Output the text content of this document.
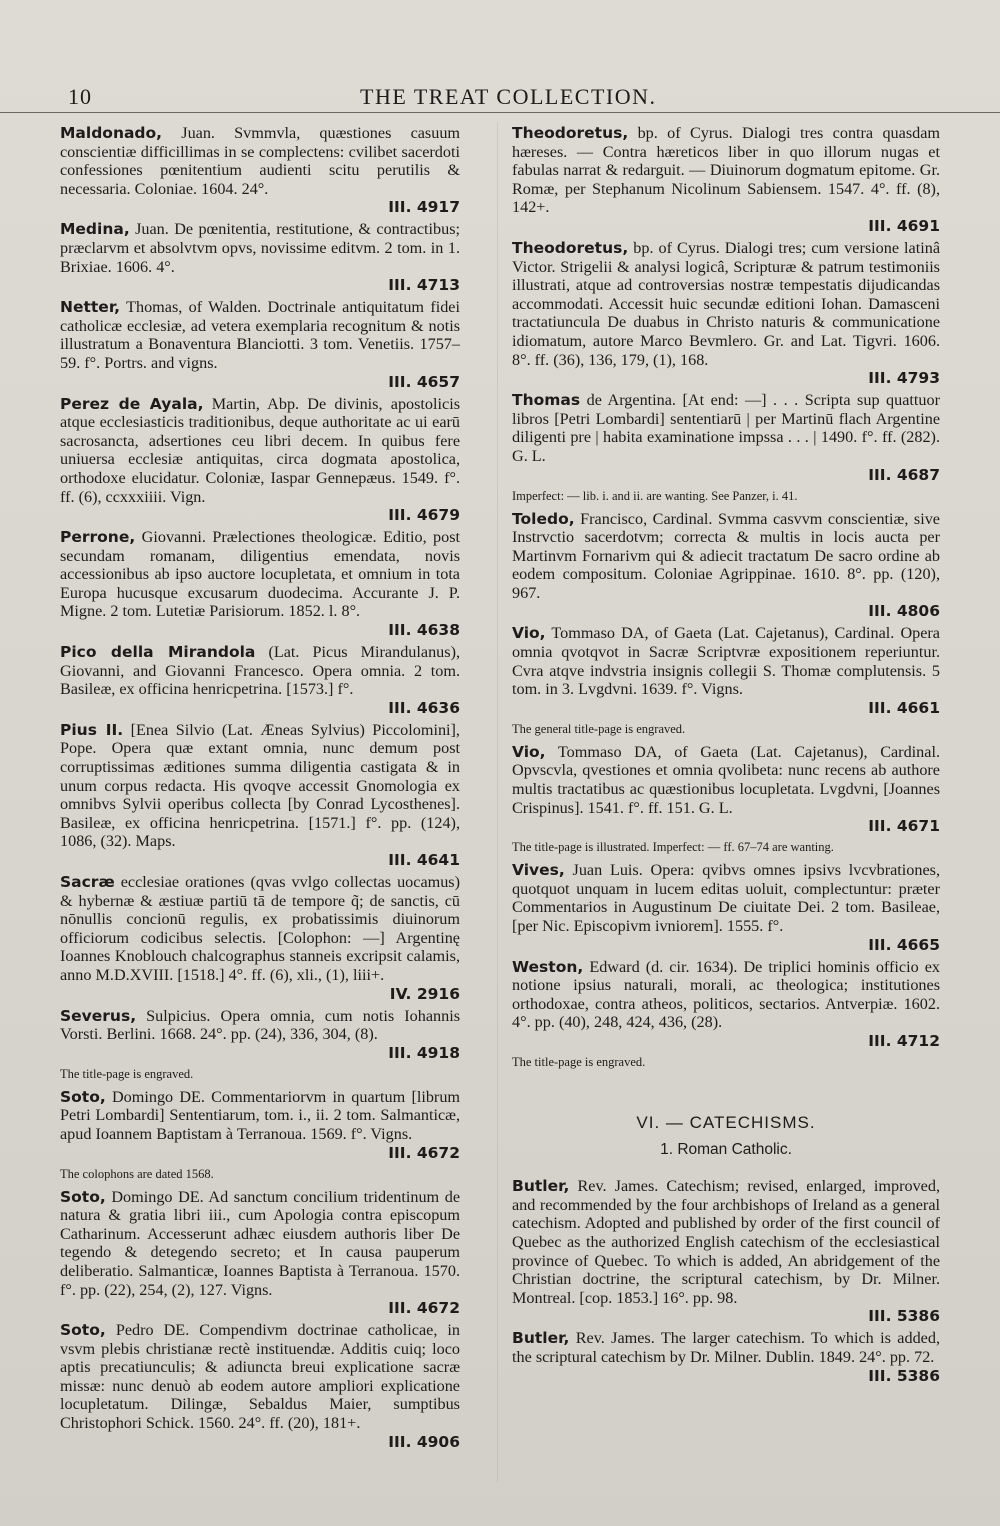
10	THE TREAT COLLECTION.
Maldonado, Juan. Svmmvla, quæstiones casuum conscientiæ difficillimas in se complectens: cvilibet sacerdoti confessiones pœnitentium audienti scitu perutilis & necessaria. Coloniae. 1604. 24°.
III. 4917
Medina, Juan. De pœnitentia, restitutione, & contractibus; præclarvm et absolvtvm opvs, novissime editvm. 2 tom. in 1. Brixiae. 1606. 4°.
III. 4713
Netter, Thomas, of Walden. Doctrinale antiquitatum fidei catholicæ ecclesiæ, ad vetera exemplaria recognitum & notis illustratum a Bonaventura Blanciotti. 3 tom. Venetiis. 1757–59. f°. Portrs. and vigns.
III. 4657
Perez de Ayala, Martin, Abp. De divinis, apostolicis atque ecclesiasticis traditionibus, deque authoritate ac ui earū sacrosancta, adsertiones ceu libri decem. In quibus fere uniuersa ecclesiæ antiquitas, circa dogmata apostolica, orthodoxe elucidatur. Coloniæ, Iaspar Gennepæus. 1549. f°. ff. (6), ccxxxiiii. Vign.
III. 4679
Perrone, Giovanni. Prælectiones theologicæ. Editio, post secundam romanam, diligentius emendata, novis accessionibus ab ipso auctore locupletata, et omnium in tota Europa hucusque excusarum duodecima. Accurante J. P. Migne. 2 tom. Lutetiæ Parisiorum. 1852. l. 8°.
III. 4638
Pico della Mirandola (Lat. Picus Mirandulanus), Giovanni, and Giovanni Francesco. Opera omnia. 2 tom. Basileæ, ex officina henricpetrina. [1573.] f°.
III. 4636
Pius II. [Enea Silvio (Lat. Æneas Sylvius) Piccolomini], Pope. Opera quæ extant omnia, nunc demum post corruptissimas æditiones summa diligentia castigata & in unum corpus redacta. His qvoqve accessit Gnomologia ex omnibvs Sylvii operibus collecta [by Conrad Lycosthenes]. Basileæ, ex officina henricpetrina. [1571.] f°. pp. (124), 1086, (32). Maps.
III. 4641
Sacræ ecclesiae orationes (qvas vvlgo collectas uocamus) & hybernæ & æstiuæ partiū tā de tempore q̃; de sanctis, cū nōnullis concionū regulis, ex probatissimis diuinorum officiorum codicibus selectis. [Colophon: —] Argentinę Ioannes Knoblouch chalcographus stanneis excripsit calamis, anno M.D.XVIII. [1518.] 4°. ff. (6), xli., (1), liii+.
IV. 2916
Severus, Sulpicius. Opera omnia, cum notis Iohannis Vorsti. Berlini. 1668. 24°. pp. (24), 336, 304, (8).
III. 4918
The title-page is engraved.
Soto, Domingo DE. Commentariorvm in quartum [librum Petri Lombardi] Sententiarum, tom. i., ii. 2 tom. Salmanticæ, apud Ioannem Baptistam à Terranoua. 1569. f°. Vigns.
III. 4672
The colophons are dated 1568.
Soto, Domingo DE. Ad sanctum concilium tridentinum de natura & gratia libri iii., cum Apologia contra episcopum Catharinum. Accesserunt adhæc eiusdem authoris liber De tegendo & detegendo secreto; et In causa pauperum deliberatio. Salmanticæ, Ioannes Baptista à Terranoua. 1570. f°. pp. (22), 254, (2), 127. Vigns.
III. 4672
Soto, Pedro DE. Compendivm doctrinae catholicae, in vsvm plebis christianæ rectè instituendæ. Additis cuiq; loco aptis precatiunculis; & adiuncta breui explicatione sacræ missæ: nunc denuò ab eodem autore ampliori explicatione locupletatum. Dilingæ, Sebaldus Maier, sumptibus Christophori Schick. 1560. 24°. ff. (20), 181+.
III. 4906
Theodoretus, bp. of Cyrus. Dialogi tres contra quasdam hæreses. — Contra hæreticos liber in quo illorum nugas et fabulas narrat & redarguit. — Diuinorum dogmatum epitome. Gr. Romæ, per Stephanum Nicolinum Sabiensem. 1547. 4°. ff. (8), 142+.
III. 4691
Theodoretus, bp. of Cyrus. Dialogi tres; cum versione latinâ Victor. Strigelii & analysi logicâ, Scripturæ & patrum testimoniis illustrati, atque ad controversias nostræ tempestatis dijudicandas accommodati. Accessit huic secundæ editioni Iohan. Damasceni tractatiuncula De duabus in Christo naturis & communicatione idiomatum, autore Marco Bevmlero. Gr. and Lat. Tigvri. 1606. 8°. ff. (36), 136, 179, (1), 168.
III. 4793
Thomas de Argentina. [At end: —] . . . Scripta sup quattuor libros [Petri Lombardi] sententiarū | per Martinū flach Argentine diligenti pre | habita examinatione impssa . . . | 1490. f°. ff. (282). G. L.
III. 4687
Imperfect: — lib. i. and ii. are wanting. See Panzer, i. 41.
Toledo, Francisco, Cardinal. Svmma casvvm conscientiæ, sive Instrvctio sacerdotvm; correcta & multis in locis aucta per Martinvm Fornarivm qui & adiecit tractatum De sacro ordine ab eodem compositum. Coloniae Agrippinae. 1610. 8°. pp. (120), 967.
III. 4806
Vio, Tommaso DA, of Gaeta (Lat. Cajetanus), Cardinal. Opera omnia qvotqvot in Sacræ Scriptvræ expositionem reperiuntur. Cvra atqve indvstria insignis collegii S. Thomæ complutensis. 5 tom. in 3. Lvgdvni. 1639. f°. Vigns.
III. 4661
The general title-page is engraved.
Vio, Tommaso DA, of Gaeta (Lat. Cajetanus), Cardinal. Opvscvla, qvestiones et omnia qvolibeta: nunc recens ab authore multis tractatibus ac quæstionibus locupletata. Lvgdvni, [Joannes Crispinus]. 1541. f°. ff. 151. G. L.
III. 4671
The title-page is illustrated. Imperfect: — ff. 67–74 are wanting.
Vives, Juan Luis. Opera: qvibvs omnes ipsivs lvcvbrationes, quotquot unquam in lucem editas uoluit, complectuntur: præter Commentarios in Augustinum De ciuitate Dei. 2 tom. Basileae, [per Nic. Episcopivm ivniorem]. 1555. f°.
III. 4665
Weston, Edward (d. cir. 1634). De triplici hominis officio ex notione ipsius naturali, morali, ac theologica; institutiones orthodoxae, contra atheos, politicos, sectarios. Antverpiæ. 1602. 4°. pp. (40), 248, 424, 436, (28).
III. 4712
The title-page is engraved.
VI. — CATECHISMS.
1. Roman Catholic.
Butler, Rev. James. Catechism; revised, enlarged, improved, and recommended by the four archbishops of Ireland as a general catechism. Adopted and published by order of the first council of Quebec as the authorized English catechism of the ecclesiastical province of Quebec. To which is added, An abridgement of the Christian doctrine, the scriptural catechism, by Dr. Milner. Montreal. [cop. 1853.] 16°. pp. 98.
III. 5386
Butler, Rev. James. The larger catechism. To which is added, the scriptural catechism by Dr. Milner. Dublin. 1849. 24°. pp. 72.
III. 5386
